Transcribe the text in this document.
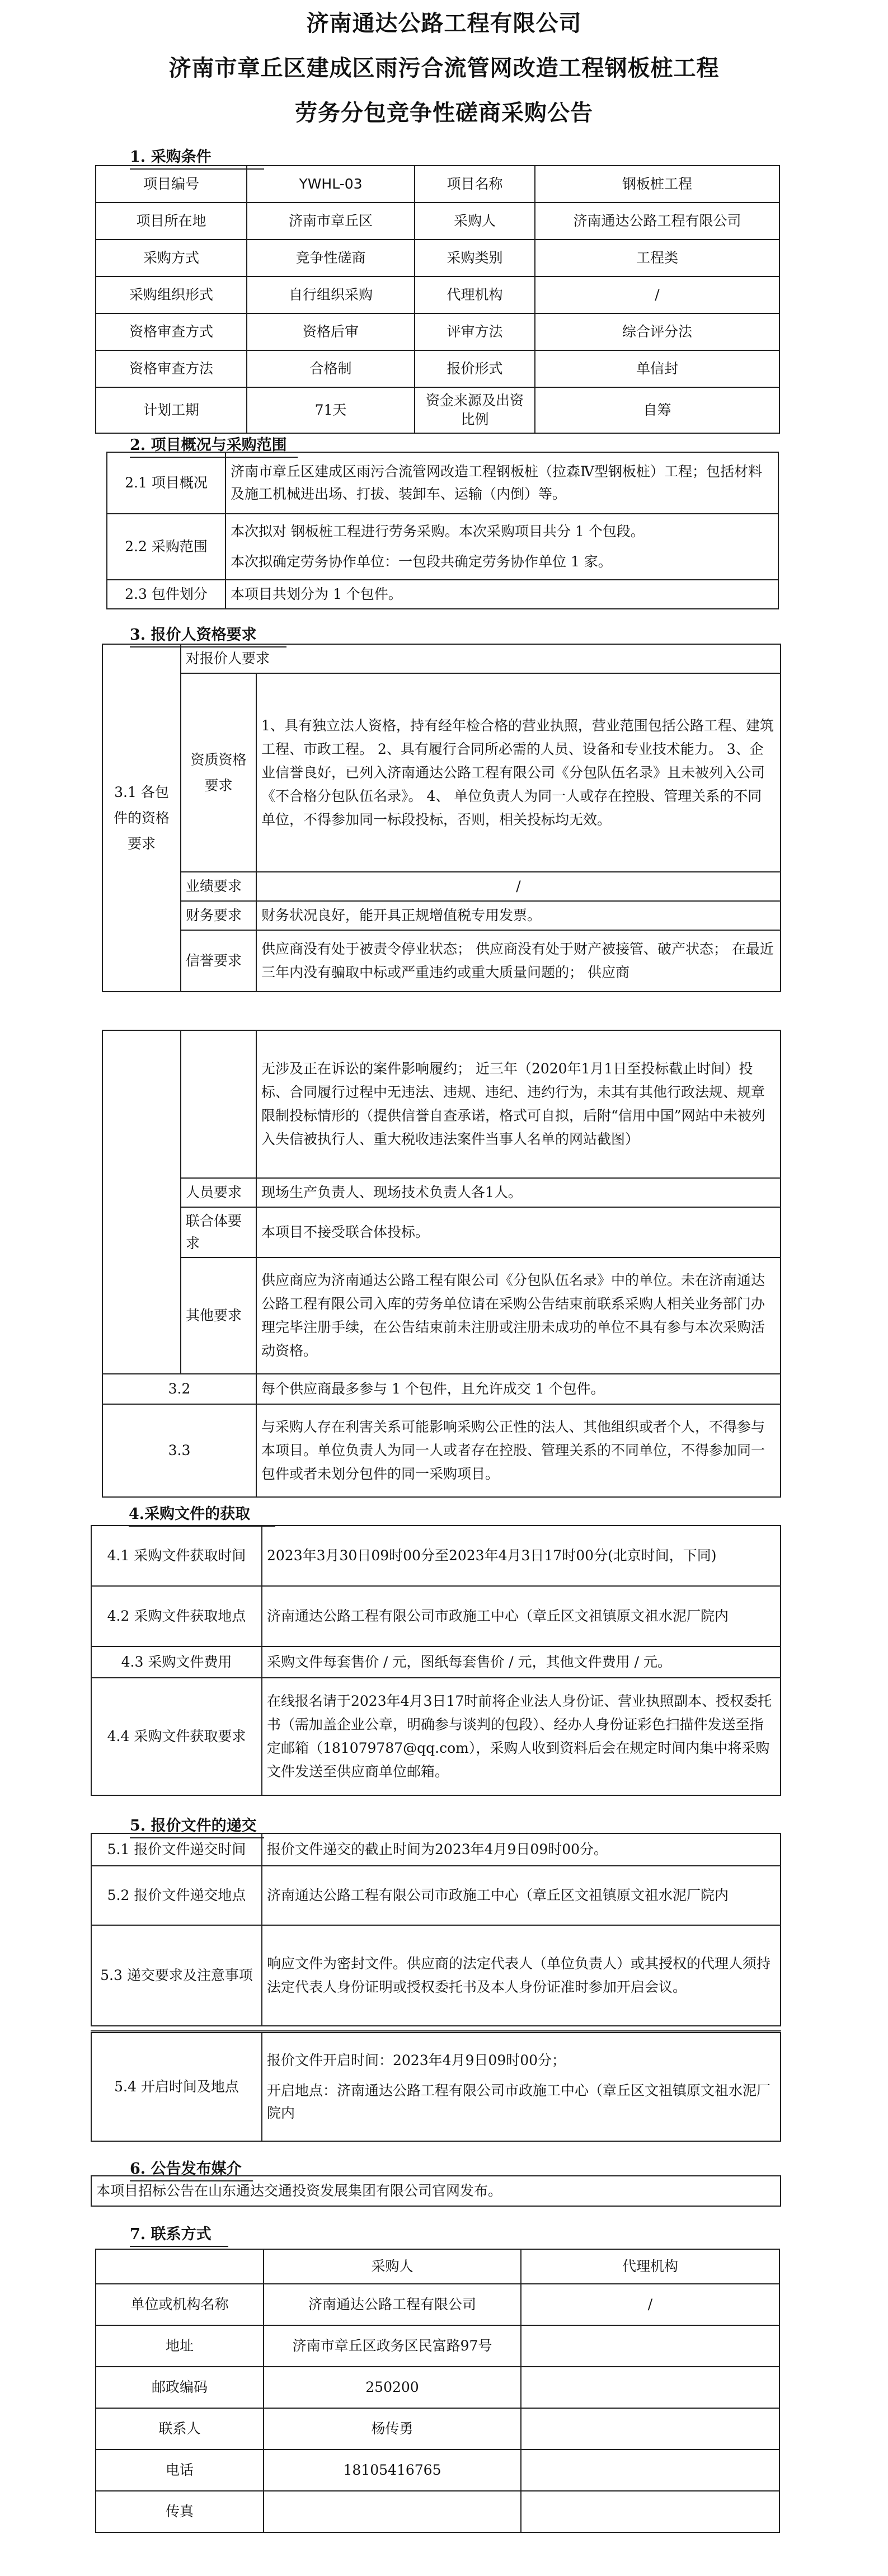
济南通达公路工程有限公司
济南市章丘区建成区雨污合流管网改造工程钢板桩工程
劳务分包竞争性磋商采购公告
1. 采购条件
项目编号	YWHL-03	项目名称	钢板桩工程
项目所在地	济南市章丘区	采购人	济南通达公路工程有限公司
采购方式	竞争性磋商	采购类别	工程类
采购组织形式	自行组织采购	代理机构	/
资格审查方式	资格后审	评审方法	综合评分法
资格审查方法	合格制	报价形式	单信封
计划工期	71天	资金来源及出资比例	自筹
2. 项目概况与采购范围
2.1 项目概况	济南市章丘区建成区雨污合流管网改造工程钢板桩（拉森Ⅳ型钢板桩）工程；包括材料及施工机械进出场、打拔、装卸车、运输（内倒）等。
2.2 采购范围	本次拟对 钢板桩工程进行劳务采购。本次采购项目共分 1 个包段。
本次拟确定劳务协作单位：一包段共确定劳务协作单位 1 家。

2.3 包件划分	本项目共划分为 1 个包件。
3. 报价人资格要求
3.1 各包件的资格要求	对报价人要求	
	资质资格要求	1、具有独立法人资格，持有经年检合格的营业执照，营业范围包括公路工程、建筑工程、市政工程。 2、具有履行合同所必需的人员、设备和专业技术能力。 3、企业信誉良好，已列入济南通达公路工程有限公司《分包队伍名录》且未被列入公司《不合格分包队伍名录》。 4、 单位负责人为同一人或存在控股、管理关系的不同单位，不得参加同一标段投标，否则，相关投标均无效。
	业绩要求	/
	财务要求	财务状况良好，能开具正规增值税专用发票。
	信誉要求	供应商没有处于被责令停业状态； 供应商没有处于财产被接管、破产状态； 在最近三年内没有骗取中标或严重违约或重大质量问题的； 供应商
		无涉及正在诉讼的案件影响履约； 近三年（2020年1月1日至投标截止时间）投标、合同履行过程中无违法、违规、违纪、违约行为，未其有其他行政法规、规章限制投标情形的（提供信誉自查承诺，格式可自拟，后附“信用中国”网站中未被列入失信被执行人、重大税收违法案件当事人名单的网站截图）
	人员要求	现场生产负责人、现场技术负责人各1人。
	联合体要求	本项目不接受联合体投标。
	其他要求	供应商应为济南通达公路工程有限公司《分包队伍名录》中的单位。未在济南通达公路工程有限公司入库的劳务单位请在采购公告结束前联系采购人相关业务部门办理完毕注册手续，在公告结束前未注册或注册未成功的单位不具有参与本次采购活动资格。
3.2		每个供应商最多参与 1 个包件，且允许成交 1 个包件。
3.3		与采购人存在利害关系可能影响采购公正性的法人、其他组织或者个人，不得参与本项目。单位负责人为同一人或者存在控股、管理关系的不同单位，不得参加同一包件或者未划分包件的同一采购项目。
4.采购文件的获取
4.1 采购文件获取时间	2023年3月30日09时00分至2023年4月3日17时00分(北京时间，下同)
4.2 采购文件获取地点	济南通达公路工程有限公司市政施工中心（章丘区文祖镇原文祖水泥厂院内
4.3 采购文件费用	采购文件每套售价 / 元，图纸每套售价 / 元，其他文件费用 / 元。
4.4 采购文件获取要求	在线报名请于2023年4月3日17时前将企业法人身份证、营业执照副本、授权委托书（需加盖企业公章，明确参与谈判的包段）、经办人身份证彩色扫描件发送至指定邮箱（181079787@qq.com），采购人收到资料后会在规定时间内集中将采购文件发送至供应商单位邮箱。
5. 报价文件的递交
5.1 报价文件递交时间	报价文件递交的截止时间为2023年4月9日09时00分。
5.2 报价文件递交地点	济南通达公路工程有限公司市政施工中心（章丘区文祖镇原文祖水泥厂院内
5.3 递交要求及注意事项	响应文件为密封文件。供应商的法定代表人（单位负责人）或其授权的代理人须持法定代表人身份证明或授权委托书及本人身份证准时参加开启会议。

5.4 开启时间及地点	报价文件开启时间：2023年4月9日09时00分；
开启地点：济南通达公路工程有限公司市政施工中心（章丘区文祖镇原文祖水泥厂院内
6. 公告发布媒介
本项目招标公告在山东通达交通投资发展集团有限公司官网发布。
7. 联系方式
	采购人	代理机构
单位或机构名称	济南通达公路工程有限公司	/
地址	济南市章丘区政务区民富路97号	
邮政编码	250200	
联系人	杨传勇	
电话	18105416765	
传真		
